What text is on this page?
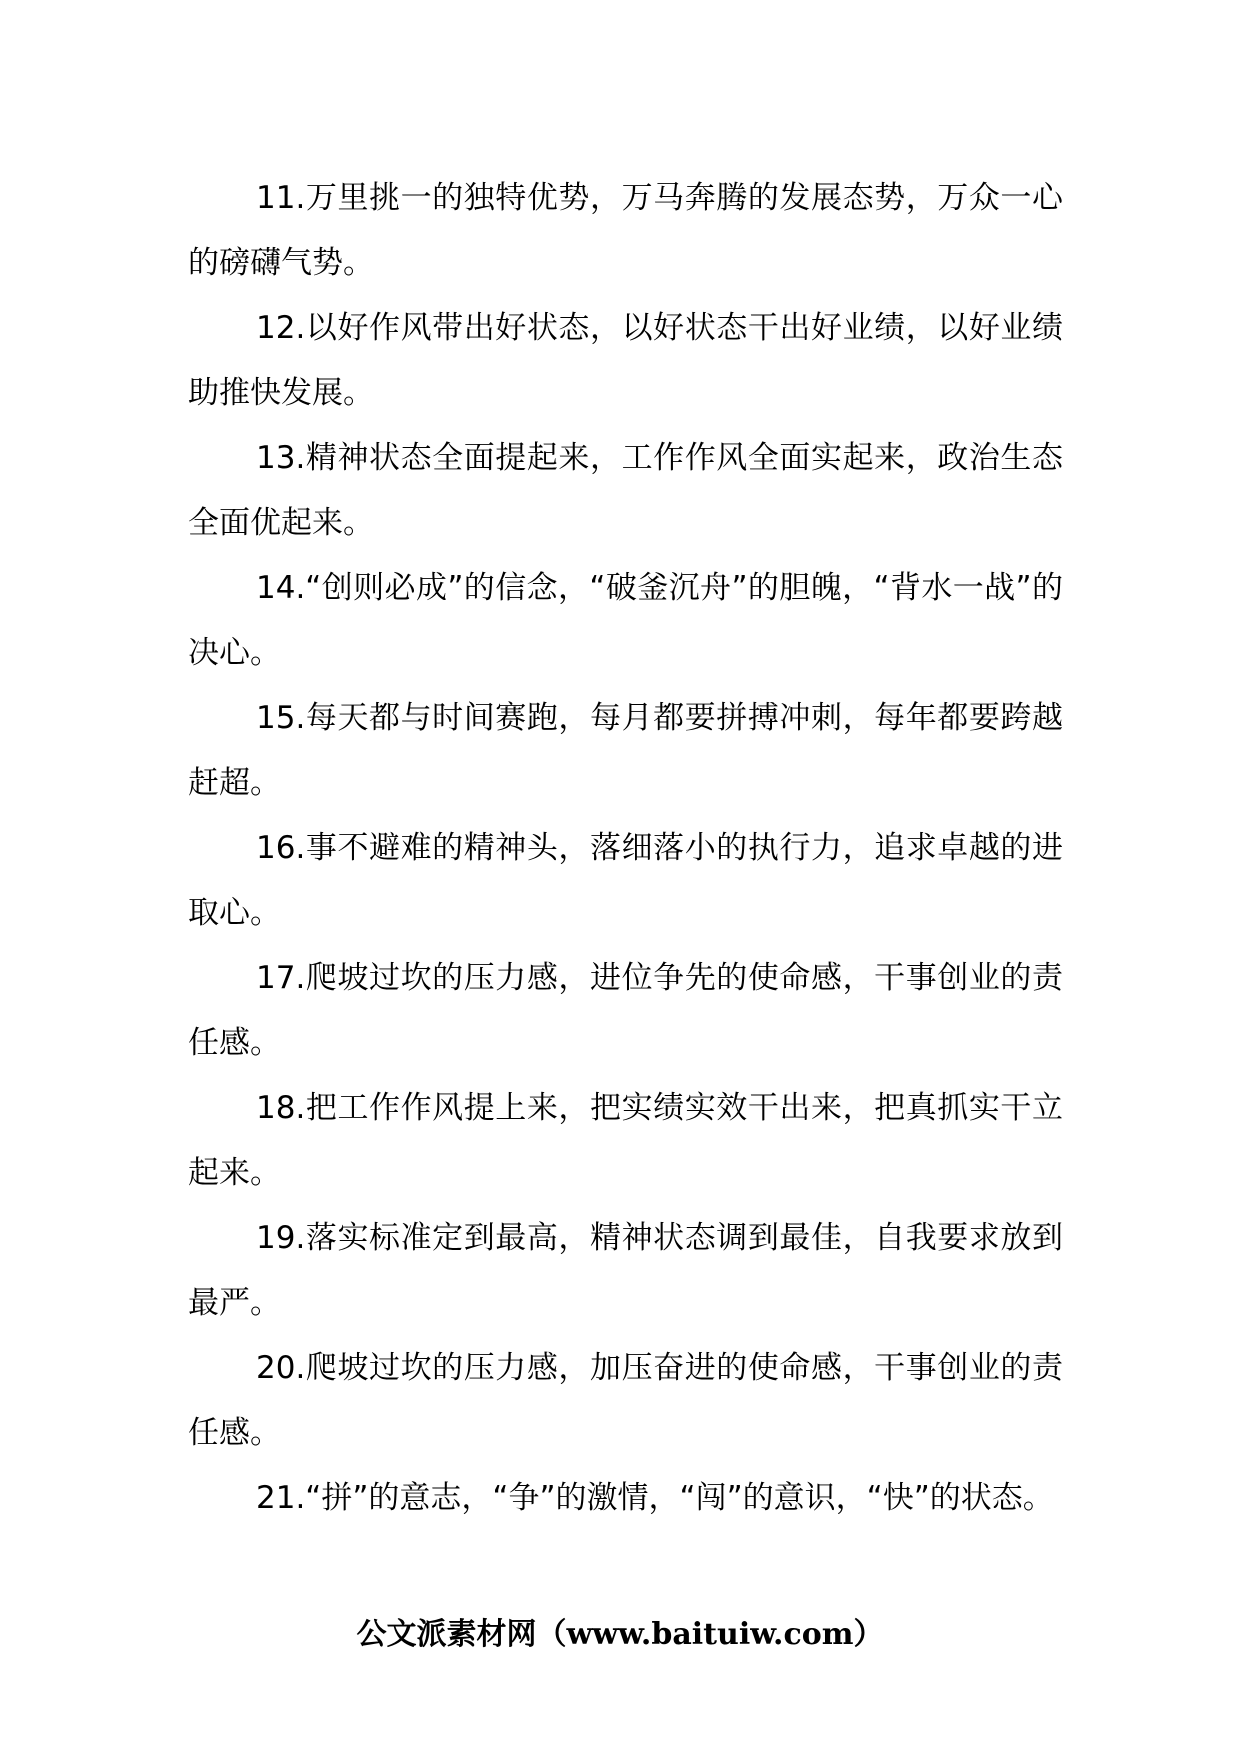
11.万里挑一的独特优势，万马奔腾的发展态势，万众一心的磅礴气势。

12.以好作风带出好状态，以好状态干出好业绩，以好业绩助推快发展。

13.精神状态全面提起来，工作作风全面实起来，政治生态全面优起来。

14.“创则必成”的信念，“破釜沉舟”的胆魄，“背水一战”的决心。

15.每天都与时间赛跑，每月都要拼搏冲刺，每年都要跨越赶超。

16.事不避难的精神头，落细落小的执行力，追求卓越的进取心。

17.爬坡过坎的压力感，进位争先的使命感，干事创业的责任感。

18.把工作作风提上来，把实绩实效干出来，把真抓实干立起来。

19.落实标准定到最高，精神状态调到最佳，自我要求放到最严。

20.爬坡过坎的压力感，加压奋进的使命感，干事创业的责任感。

21.“拼”的意志，“争”的激情，“闯”的意识，“快”的状态。

公文派素材网（www.baituiw.com）
